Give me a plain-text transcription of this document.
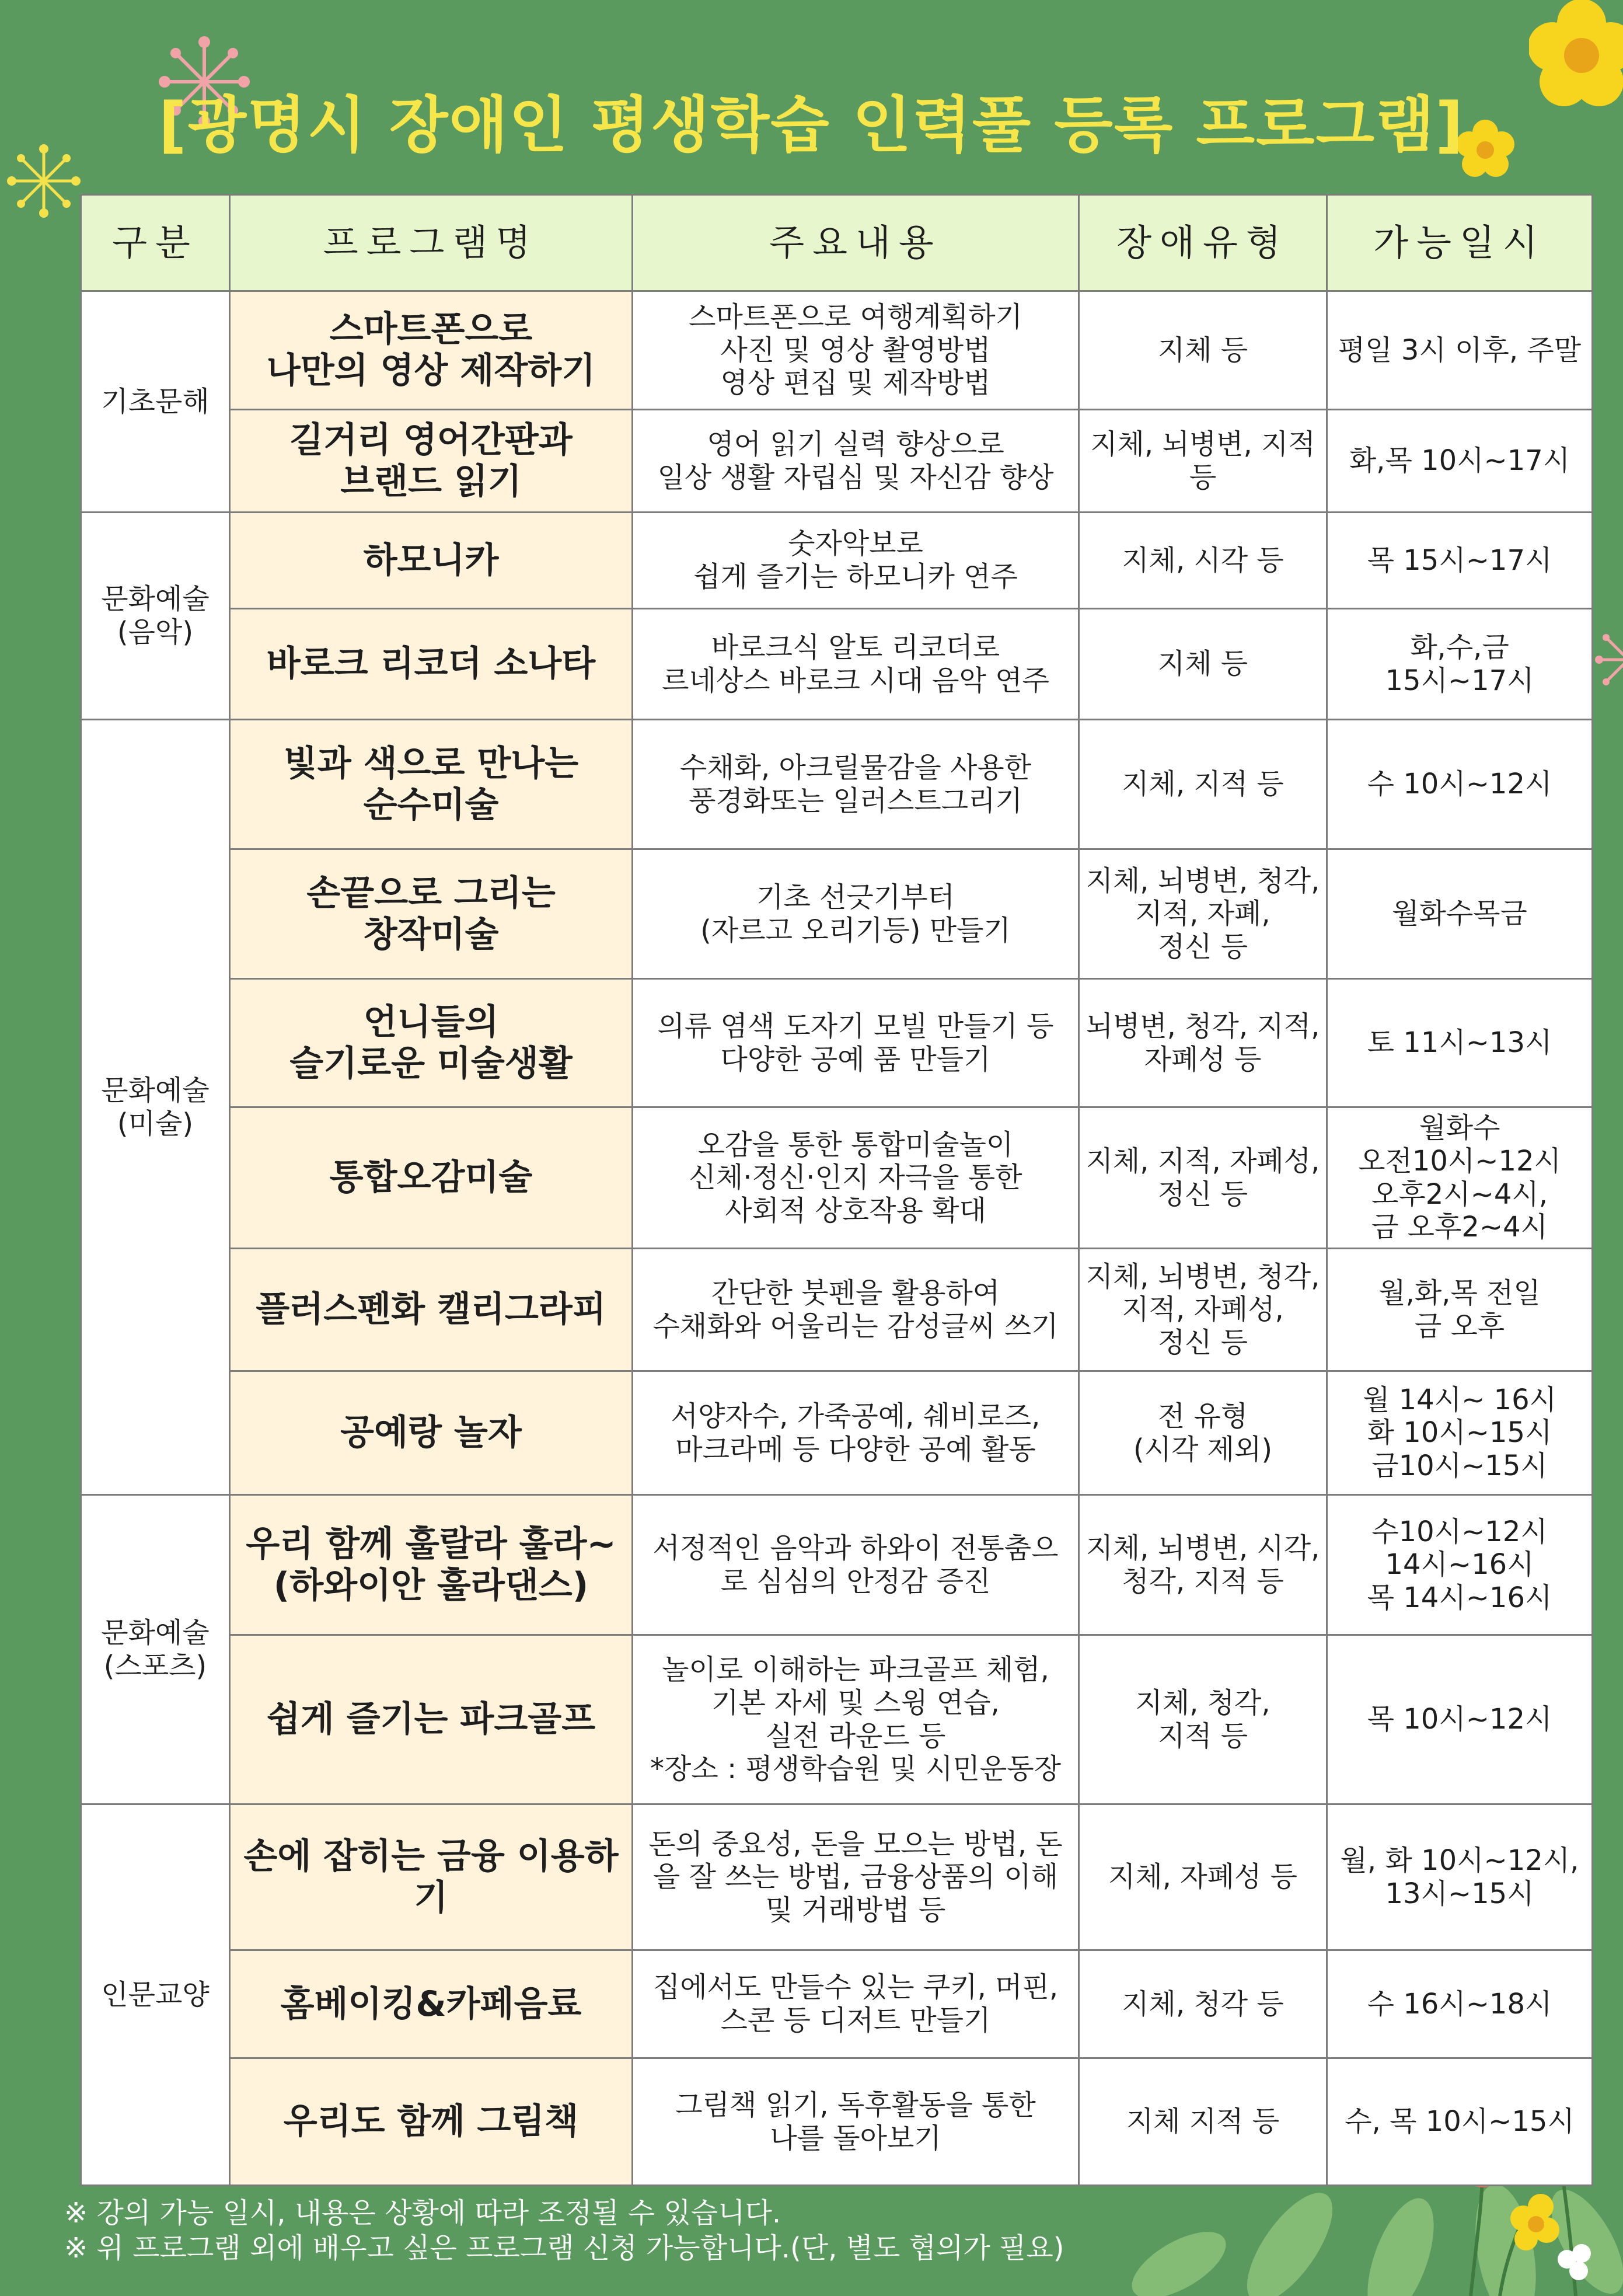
[광명시 장애인 평생학습 인력풀 등록 프로그램]
구분	프로그램명	주요내용	장애유형	가능일시

기초문해	스마트폰으로
나만의 영상 제작하기	스마트폰으로 여행계획하기
사진 및 영상 촬영방법
영상 편집 및 제작방법	지체 등	평일 3시 이후, 주말

	길거리 영어간판과
브랜드 읽기	영어 읽기 실력 향상으로
일상 생활 자립심 및 자신감 향상	지체, 뇌병변, 지적
등	화,목 10시~17시

문화예술
(음악)	하모니카	숫자악보로
쉽게 즐기는 하모니카 연주	지체, 시각 등	목 15시~17시

	바로크 리코더 소나타	바로크식 알토 리코더로
르네상스 바로크 시대 음악 연주	지체 등	화,수,금
15시~17시

문화예술
(미술)	빛과 색으로 만나는
순수미술	수채화, 아크릴물감을 사용한
풍경화또는 일러스트그리기	지체, 지적 등	수 10시~12시

	손끝으로 그리는
창작미술	기초 선긋기부터
(자르고 오리기등) 만들기	지체, 뇌병변, 청각,
지적, 자폐,
정신 등	월화수목금

	언니들의
슬기로운 미술생활	의류 염색 도자기 모빌 만들기 등
다양한 공예 품 만들기	뇌병변, 청각, 지적,
자폐성 등	토 11시~13시

	통합오감미술	오감을 통한 통합미술놀이
신체·정신·인지 자극을 통한
사회적 상호작용 확대	지체, 지적, 자폐성,
정신 등	월화수
오전10시~12시
오후2시~4시,
금 오후2~4시

	플러스펜화 캘리그라피	간단한 붓펜을 활용하여
수채화와 어울리는 감성글씨 쓰기	지체, 뇌병변, 청각,
지적, 자폐성,
정신 등	월,화,목 전일
금 오후

	공예랑 놀자	서양자수, 가죽공예, 쉐비로즈,
마크라메 등 다양한 공예 활동	전 유형
(시각 제외)	월 14시~ 16시
화 10시~15시
금10시~15시

문화예술
(스포츠)	우리 함께 훌랄라 훌라~
(하와이안 훌라댄스)	서정적인 음악과 하와이 전통춤으
로 심심의 안정감 증진	지체, 뇌병변, 시각,
청각, 지적 등	수10시~12시
14시~16시
목 14시~16시

	쉽게 즐기는 파크골프	놀이로 이해하는 파크골프 체험,
기본 자세 및 스윙 연습,
실전 라운드 등
*장소 : 평생학습원 및 시민운동장	지체, 청각,
지적 등	목 10시~12시

인문교양	손에 잡히는 금융 이용하기	돈의 중요성, 돈을 모으는 방법, 돈
을 잘 쓰는 방법, 금융상품의 이해
및 거래방법 등	지체, 자폐성 등	월, 화 10시~12시,
13시~15시

	홈베이킹&카페음료	집에서도 만들수 있는 쿠키, 머핀,
스콘 등 디저트 만들기	지체, 청각 등	수 16시~18시

	우리도 함께 그림책	그림책 읽기, 독후활동을 통한
나를 돌아보기	지체 지적 등	수, 목 10시~15시
※ 강의 가능 일시, 내용은 상황에 따라 조정될 수 있습니다.
※ 위 프로그램 외에 배우고 싶은 프로그램 신청 가능합니다.(단, 별도 협의가 필요)
